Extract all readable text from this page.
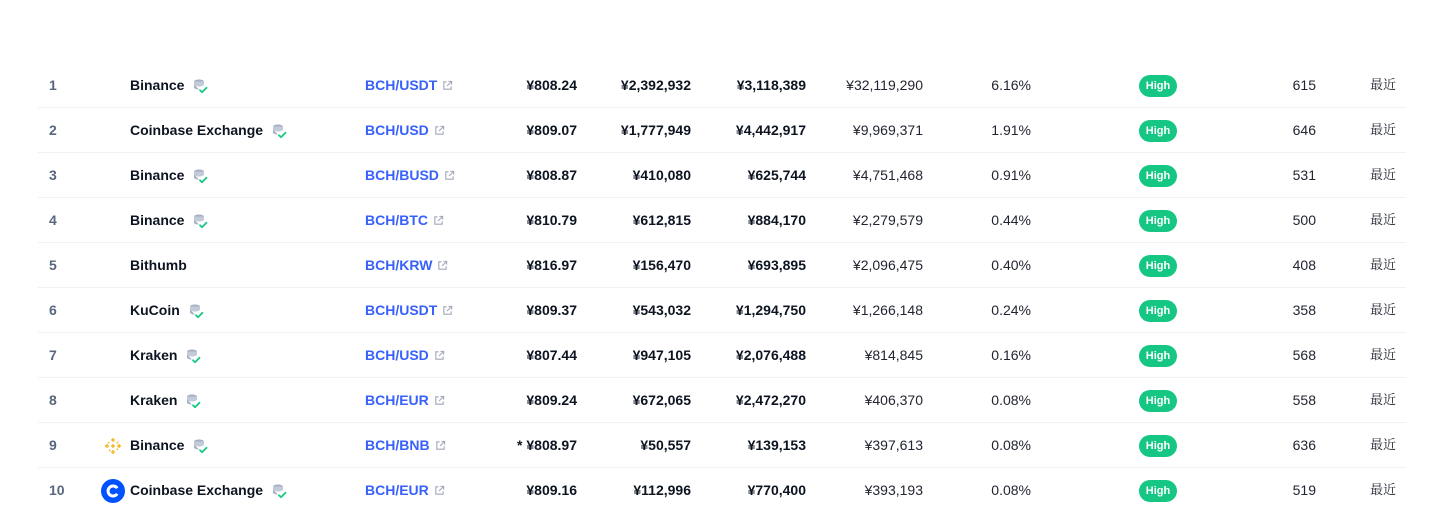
1	Binance	BCH/USDT	¥808.24	¥2,392,932	¥3,118,389	¥32,119,290	6.16%	High	615	最近
2	Coinbase Exchange	BCH/USD	¥809.07	¥1,777,949	¥4,442,917	¥9,969,371	1.91%	High	646	最近
3	Binance	BCH/BUSD	¥808.87	¥410,080	¥625,744	¥4,751,468	0.91%	High	531	最近
4	Binance	BCH/BTC	¥810.79	¥612,815	¥884,170	¥2,279,579	0.44%	High	500	最近
5	Bithumb	BCH/KRW	¥816.97	¥156,470	¥693,895	¥2,096,475	0.40%	High	408	最近
6	KuCoin	BCH/USDT	¥809.37	¥543,032	¥1,294,750	¥1,266,148	0.24%	High	358	最近
7	Kraken	BCH/USD	¥807.44	¥947,105	¥2,076,488	¥814,845	0.16%	High	568	最近
8	Kraken	BCH/EUR	¥809.24	¥672,065	¥2,472,270	¥406,370	0.08%	High	558	最近
9	Binance	BCH/BNB	* ¥808.97	¥50,557	¥139,153	¥397,613	0.08%	High	636	最近
10	Coinbase Exchange	BCH/EUR	¥809.16	¥112,996	¥770,400	¥393,193	0.08%	High	519	最近
